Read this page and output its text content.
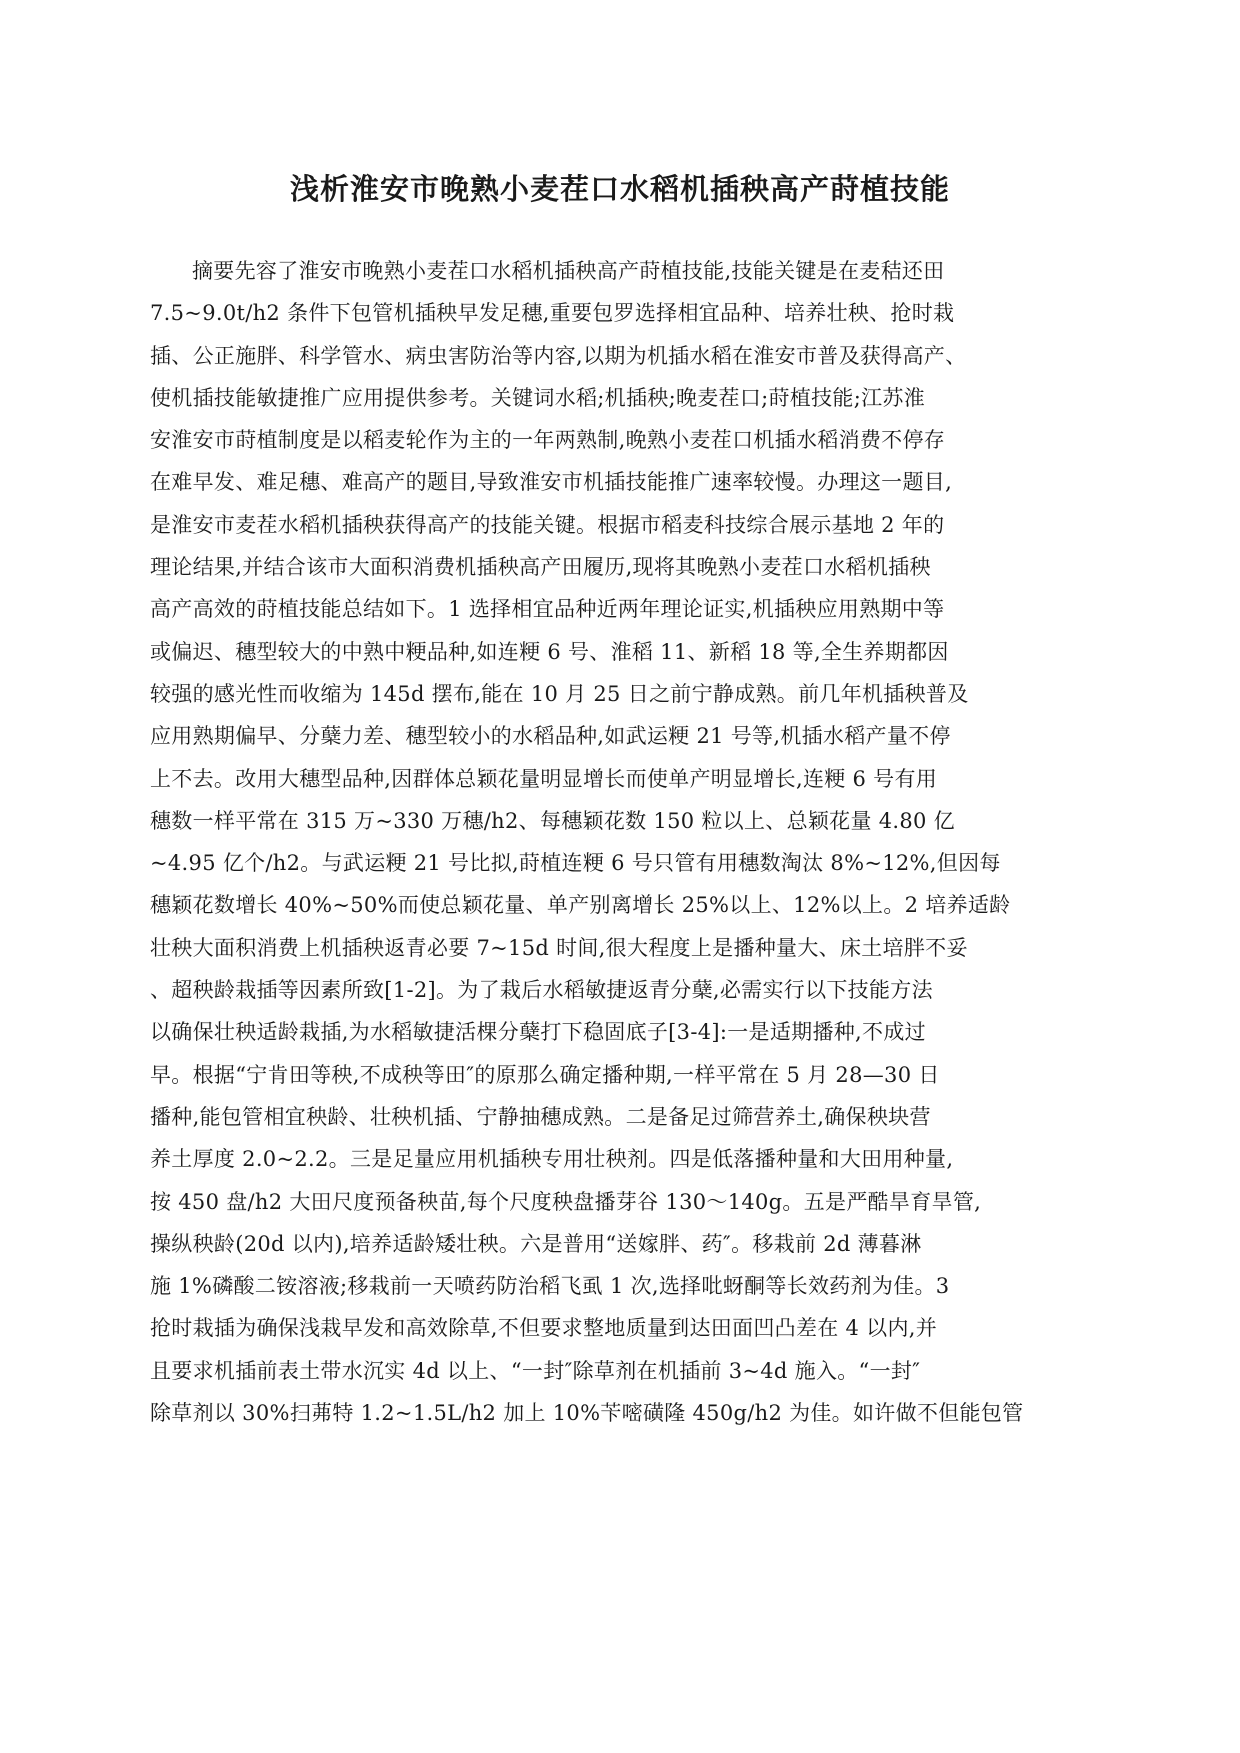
浅析淮安市晚熟小麦茬口水稻机插秧高产莳植技能
摘要先容了淮安市晚熟小麦茬口水稻机插秧高产莳植技能,技能关键是在麦秸还田
7.5~9.0t/h2 条件下包管机插秧早发足穗,重要包罗选择相宜品种、培养壮秧、抢时栽
插、公正施胖、科学管水、病虫害防治等内容,以期为机插水稻在淮安市普及获得高产、
使机插技能敏捷推广应用提供参考。关键词水稻;机插秧;晚麦茬口;莳植技能;江苏淮
安淮安市莳植制度是以稻麦轮作为主的一年两熟制,晚熟小麦茬口机插水稻消费不停存
在难早发、难足穗、难高产的题目,导致淮安市机插技能推广速率较慢。办理这一题目,
是淮安市麦茬水稻机插秧获得高产的技能关键。根据市稻麦科技综合展示基地 2 年的
理论结果,并结合该市大面积消费机插秧高产田履历,现将其晚熟小麦茬口水稻机插秧
高产高效的莳植技能总结如下。1 选择相宜品种近两年理论证实,机插秧应用熟期中等
或偏迟、穗型较大的中熟中粳品种,如连粳 6 号、淮稻 11、新稻 18 等,全生养期都因
较强的感光性而收缩为 145d 摆布,能在 10 月 25 日之前宁静成熟。前几年机插秧普及
应用熟期偏早、分蘖力差、穗型较小的水稻品种,如武运粳 21 号等,机插水稻产量不停
上不去。改用大穗型品种,因群体总颖花量明显增长而使单产明显增长,连粳 6 号有用
穗数一样平常在 315 万~330 万穗/h2、每穗颖花数 150 粒以上、总颖花量 4.80 亿
~4.95 亿个/h2。与武运粳 21 号比拟,莳植连粳 6 号只管有用穗数淘汰 8%~12%,但因每
穗颖花数增长 40%~50%而使总颖花量、单产别离增长 25%以上、12%以上。2 培养适龄
壮秧大面积消费上机插秧返青必要 7~15d 时间,很大程度上是播种量大、床土培胖不妥
、超秧龄栽插等因素所致[1-2]。为了栽后水稻敏捷返青分蘖,必需实行以下技能方法
以确保壮秧适龄栽插,为水稻敏捷活棵分蘖打下稳固底子[3-4]:一是适期播种,不成过
早。根据“宁肯田等秧,不成秧等田″的原那么确定播种期,一样平常在 5 月 28—30 日
播种,能包管相宜秧龄、壮秧机插、宁静抽穗成熟。二是备足过筛营养土,确保秧块营
养土厚度 2.0~2.2。三是足量应用机插秧专用壮秧剂。四是低落播种量和大田用种量,
按 450 盘/h2 大田尺度预备秧苗,每个尺度秧盘播芽谷 130～140g。五是严酷旱育旱管,
操纵秧龄(20d 以内),培养适龄矮壮秧。六是普用“送嫁胖、药″。移栽前 2d 薄暮淋
施 1%磷酸二铵溶液;移栽前一天喷药防治稻飞虱 1 次,选择吡蚜酮等长效药剂为佳。3
抢时栽插为确保浅栽早发和高效除草,不但要求整地质量到达田面凹凸差在 4 以内,并
且要求机插前表土带水沉实 4d 以上、“一封″除草剂在机插前 3~4d 施入。“一封″
除草剂以 30%扫茀特 1.2~1.5L/h2 加上 10%苄嘧磺隆 450g/h2 为佳。如许做不但能包管
